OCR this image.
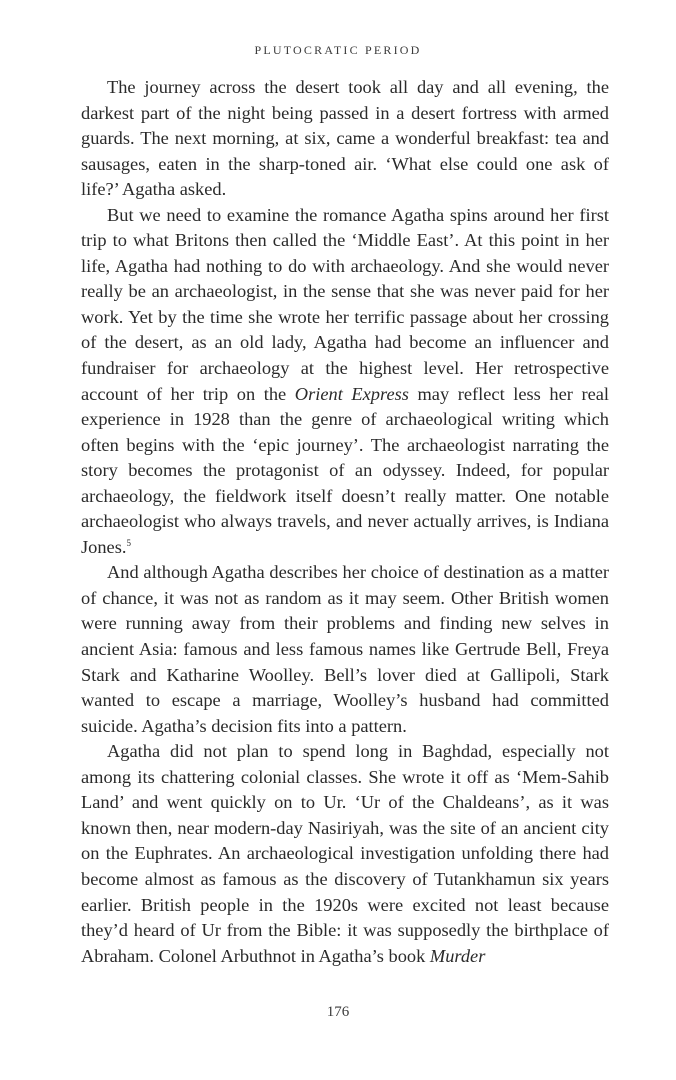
PLUTOCRATIC PERIOD

The journey across the desert took all day and all evening, the darkest part of the night being passed in a desert fortress with armed guards. The next morning, at six, came a wonderful breakfast: tea and sausages, eaten in the sharp-toned air. ‘What else could one ask of life?’ Agatha asked.

But we need to examine the romance Agatha spins around her first trip to what Britons then called the ‘Middle East’. At this point in her life, Agatha had nothing to do with archaeology. And she would never really be an archaeologist, in the sense that she was never paid for her work. Yet by the time she wrote her terrific passage about her crossing of the desert, as an old lady, Agatha had become an influencer and fundraiser for archaeology at the highest level. Her retrospective account of her trip on the Orient Express may reflect less her real experience in 1928 than the genre of archaeological writing which often begins with the ‘epic journey’. The archaeologist narrating the story becomes the protagonist of an odyssey. Indeed, for popular archaeology, the fieldwork itself doesn’t really matter. One notable archaeologist who always travels, and never actually arrives, is Indiana Jones.$^5$

And although Agatha describes her choice of destination as a matter of chance, it was not as random as it may seem. Other British women were running away from their problems and finding new selves in ancient Asia: famous and less famous names like Gertrude Bell, Freya Stark and Katharine Woolley. Bell’s lover died at Gallipoli, Stark wanted to escape a marriage, Woolley’s husband had committed suicide. Agatha’s decision fits into a pattern.

Agatha did not plan to spend long in Baghdad, especially not among its chattering colonial classes. She wrote it off as ‘Mem-Sahib Land’ and went quickly on to Ur. ‘Ur of the Chaldeans’, as it was known then, near modern-day Nasiriyah, was the site of an ancient city on the Euphrates. An archaeological investigation unfolding there had become almost as famous as the discovery of Tutankhamun six years earlier. British people in the 1920s were excited not least because they’d heard of Ur from the Bible: it was supposedly the birthplace of Abraham. Colonel Arbuthnot in Agatha’s book Murder

176
